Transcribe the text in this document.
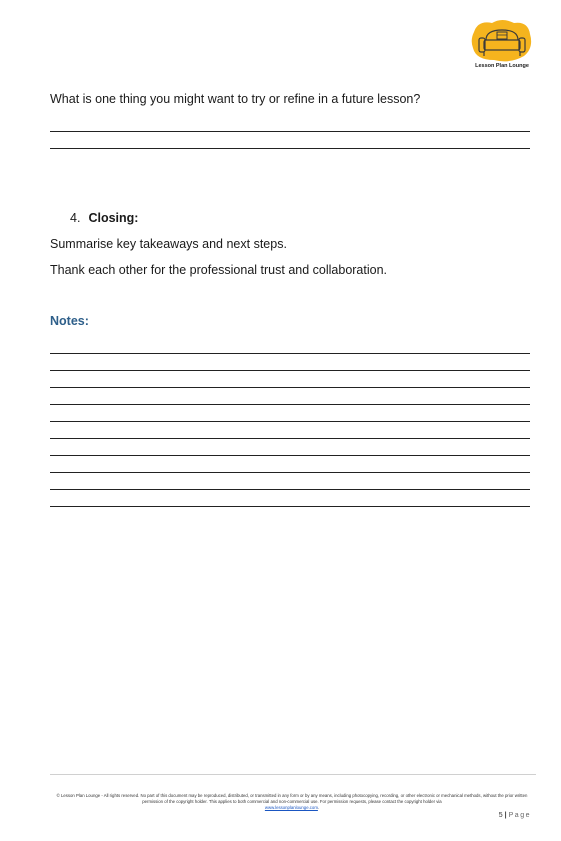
Lesson Plan Lounge
What is one thing you might want to try or refine in a future lesson?
4. Closing:
Summarise key takeaways and next steps.
Thank each other for the professional trust and collaboration.
Notes:
© Lesson Plan Lounge - All rights reserved. No part of this document may be reproduced, distributed, or transmitted in any form or by any means, including photocopying, recording, or other electronic or mechanical methods, without the prior written permission of the copyright holder. This applies to both commercial and non-commercial use. For permission requests, please contact the copyright holder via
www.lessonplanlounge.com.
5 | Page
